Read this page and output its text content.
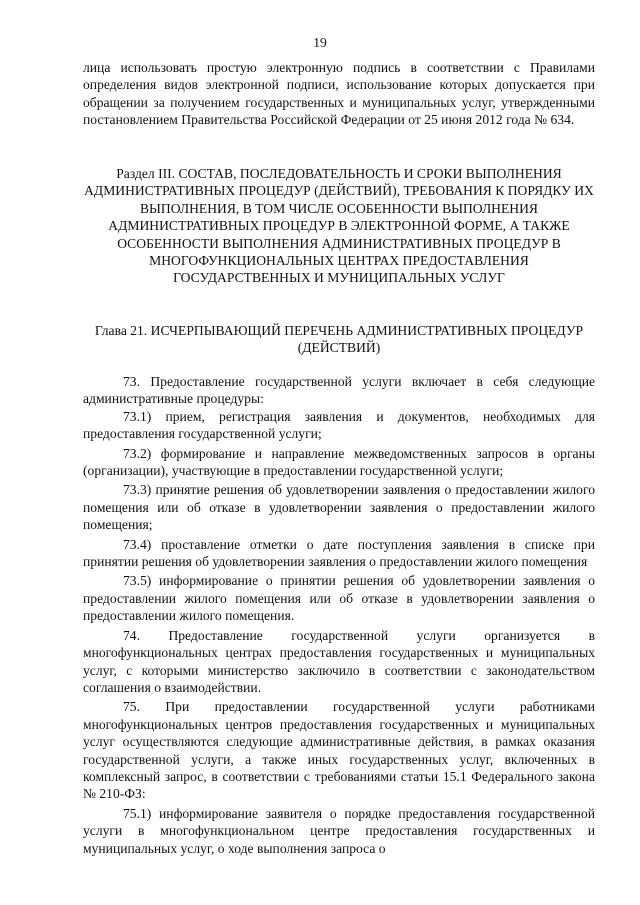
19

лица использовать простую электронную подпись в соответствии с Правилами определения видов электронной подписи, использование которых допускается при обращении за получением государственных и муниципальных услуг, утвержденными постановлением Правительства Российской Федерации от 25 июня 2012 года № 634.

Раздел III. СОСТАВ, ПОСЛЕДОВАТЕЛЬНОСТЬ И СРОКИ ВЫПОЛНЕНИЯ АДМИНИСТРАТИВНЫХ ПРОЦЕДУР (ДЕЙСТВИЙ), ТРЕБОВАНИЯ К ПОРЯДКУ ИХ ВЫПОЛНЕНИЯ, В ТОМ ЧИСЛЕ ОСОБЕННОСТИ ВЫПОЛНЕНИЯ АДМИНИСТРАТИВНЫХ ПРОЦЕДУР В ЭЛЕКТРОННОЙ ФОРМЕ, А ТАКЖЕ ОСОБЕННОСТИ ВЫПОЛНЕНИЯ АДМИНИСТРАТИВНЫХ ПРОЦЕДУР В МНОГОФУНКЦИОНАЛЬНЫХ ЦЕНТРАХ ПРЕДОСТАВЛЕНИЯ ГОСУДАРСТВЕННЫХ И МУНИЦИПАЛЬНЫХ УСЛУГ
Глава 21. ИСЧЕРПЫВАЮЩИЙ ПЕРЕЧЕНЬ АДМИНИСТРАТИВНЫХ ПРОЦЕДУР (ДЕЙСТВИЙ)

73. Предоставление государственной услуги включает в себя следующие административные процедуры:

73.1) прием, регистрация заявления и документов, необходимых для предоставления государственной услуги;

73.2) формирование и направление межведомственных запросов в органы (организации), участвующие в предоставлении государственной услуги;

73.3) принятие решения об удовлетворении заявления о предоставлении жилого помещения или об отказе в удовлетворении заявления о предоставлении жилого помещения;

73.4) проставление отметки о дате поступления заявления в списке при принятии решения об удовлетворении заявления о предоставлении жилого помещения

73.5) информирование о принятии решения об удовлетворении заявления о предоставлении жилого помещения или об отказе в удовлетворении заявления о предоставлении жилого помещения.

74. Предоставление государственной услуги организуется в многофункциональных центрах предоставления государственных и муниципальных услуг, с которыми министерство заключило в соответствии с законодательством соглашения о взаимодействии.

75. При предоставлении государственной услуги работниками многофункциональных центров предоставления государственных и муниципальных услуг осуществляются следующие административные действия, в рамках оказания государственной услуги, а также иных государственных услуг, включенных в комплексный запрос, в соответствии с требованиями статьи 15.1 Федерального закона № 210-ФЗ:

75.1) информирование заявителя о порядке предоставления государственной услуги в многофункциональном центре предоставления государственных и муниципальных услуг, о ходе выполнения запроса о
